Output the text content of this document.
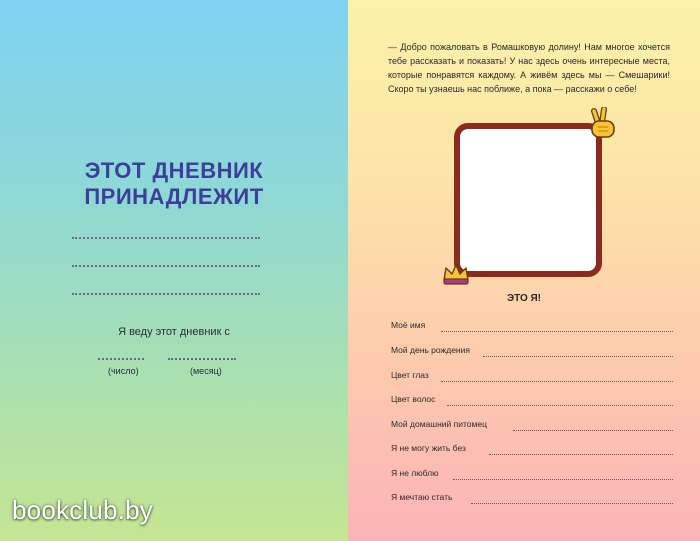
ЭТОТ ДНЕВНИК
ПРИНАДЛЕЖИТ
Я веду этот дневник с
(число)	(месяц)
bookclub.by

— Добро пожаловать в Ромашковую долину! Нам многое хочется тебе рассказать и показать! У нас здесь очень интересные места, которые понравятся каждому. А живём здесь мы — Смешарики! Скоро ты узнаешь нас поближе, а пока — расскажи о себе!

ЭТО Я!
Моё имя
Мой день рождения
Цвет глаз
Цвет волос
Мой домашний питомец
Я не могу жить без
Я не люблю
Я мечтаю стать
